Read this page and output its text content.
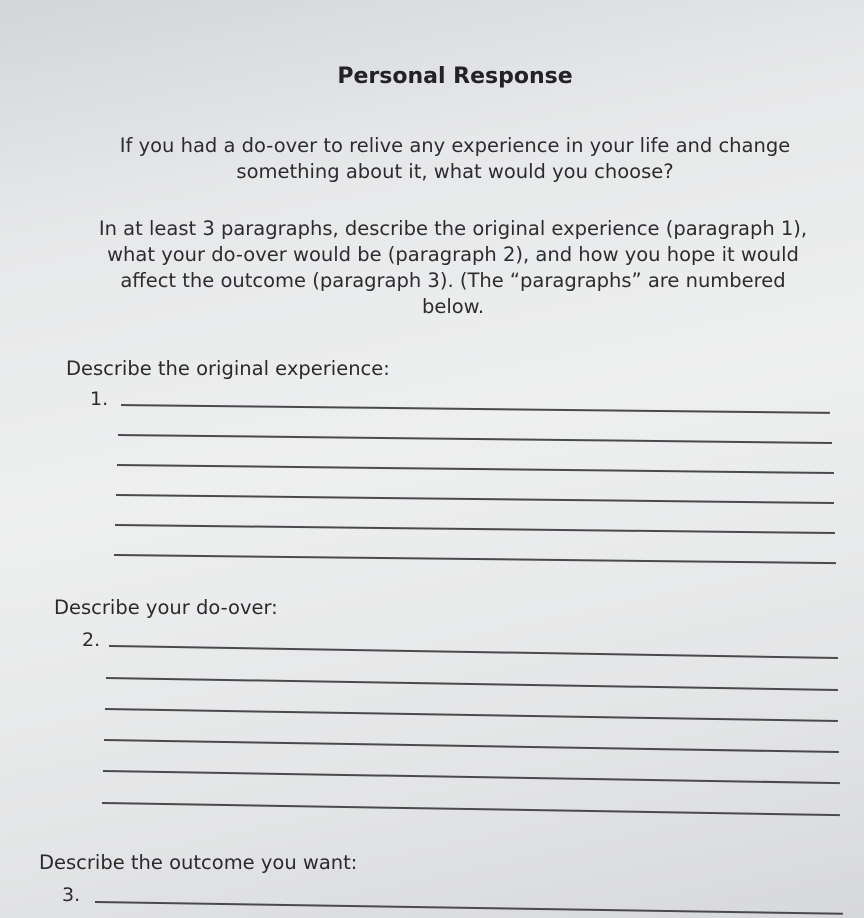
Personal Response
If you had a do-over to relive any experience in your life and change
something about it, what would you choose?
In at least 3 paragraphs, describe the original experience (paragraph 1),
what your do-over would be (paragraph 2), and how you hope it would
affect the outcome (paragraph 3). (The “paragraphs” are numbered
below.
Describe the original experience:
1.
Describe your do-over:
2.
Describe the outcome you want:
3.
